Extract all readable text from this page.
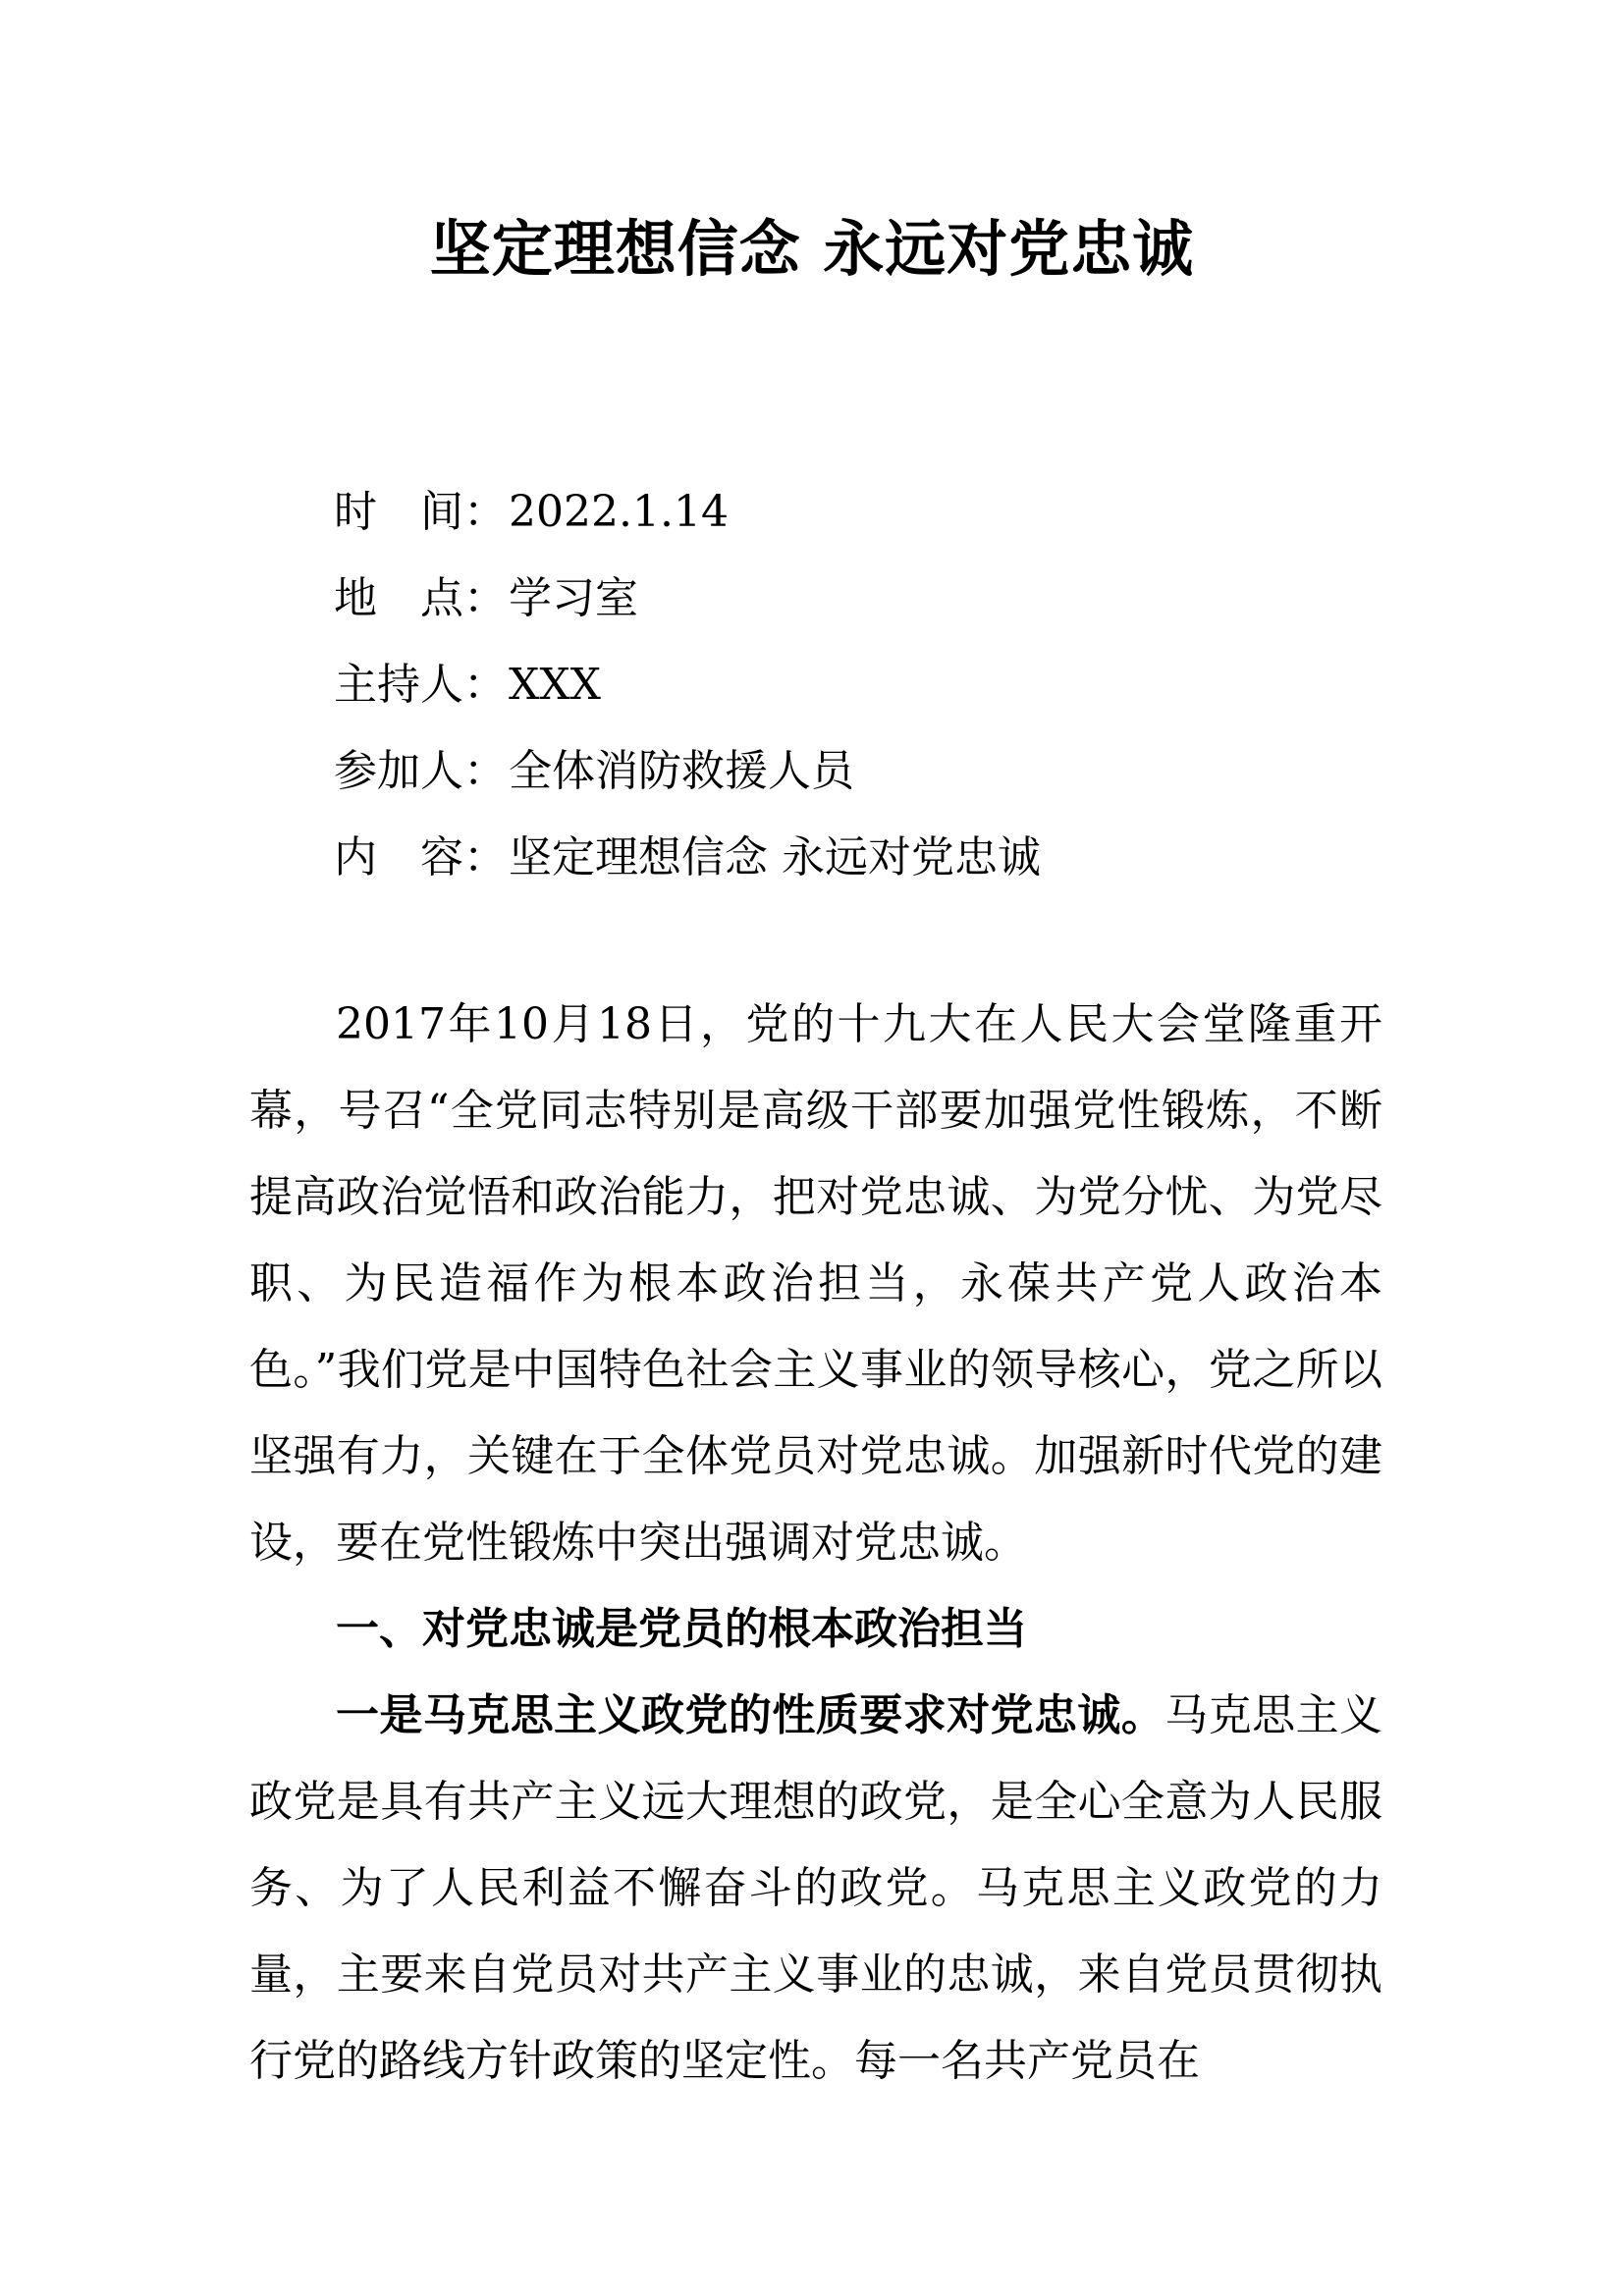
坚定理想信念 永远对党忠诚
时　间：2022.1.14
地　点：学习室
主持人：XXX
参加人：全体消防救援人员
内　容：坚定理想信念 永远对党忠诚

2017年10月18日，党的十九大在人民大会堂隆重开幕，号召“全党同志特别是高级干部要加强党性锻炼，不断提高政治觉悟和政治能力，把对党忠诚、为党分忧、为党尽职、为民造福作为根本政治担当，永葆共产党人政治本色。”我们党是中国特色社会主义事业的领导核心，党之所以坚强有力，关键在于全体党员对党忠诚。加强新时代党的建设，要在党性锻炼中突出强调对党忠诚。

一、对党忠诚是党员的根本政治担当

一是马克思主义政党的性质要求对党忠诚。马克思主义政党是具有共产主义远大理想的政党，是全心全意为人民服务、为了人民利益不懈奋斗的政党。马克思主义政党的力量，主要来自党员对共产主义事业的忠诚，来自党员贯彻执行党的路线方针政策的坚定性。每一名共产党员在
